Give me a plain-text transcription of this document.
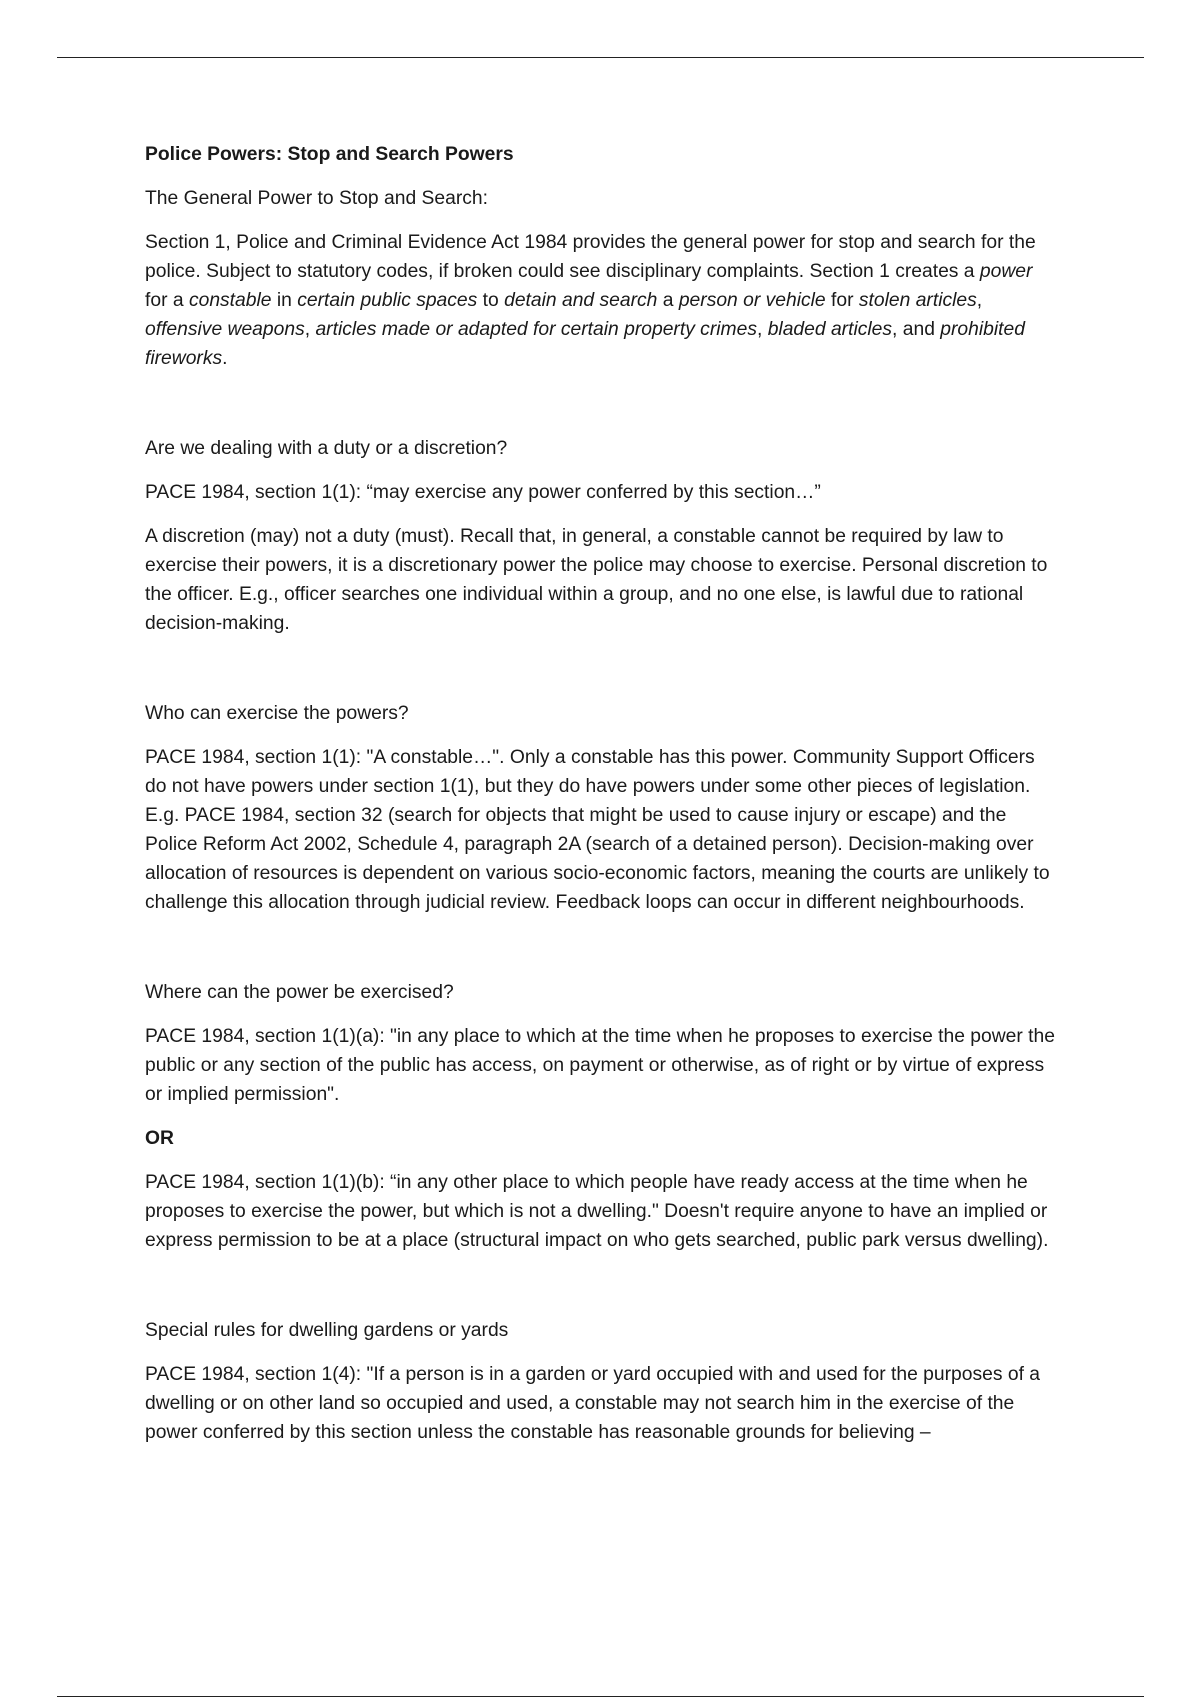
Police Powers: Stop and Search Powers

The General Power to Stop and Search:

Section 1, Police and Criminal Evidence Act 1984 provides the general power for stop and search for the police. Subject to statutory codes, if broken could see disciplinary complaints. Section 1 creates a power for a constable in certain public spaces to detain and search a person or vehicle for stolen articles, offensive weapons, articles made or adapted for certain property crimes, bladed articles, and prohibited fireworks.

Are we dealing with a duty or a discretion?

PACE 1984, section 1(1): “may exercise any power conferred by this section…”

A discretion (may) not a duty (must). Recall that, in general, a constable cannot be required by law to exercise their powers, it is a discretionary power the police may choose to exercise. Personal discretion to the officer. E.g., officer searches one individual within a group, and no one else, is lawful due to rational decision-making.

Who can exercise the powers?

PACE 1984, section 1(1): "A constable…". Only a constable has this power. Community Support Officers do not have powers under section 1(1), but they do have powers under some other pieces of legislation. E.g. PACE 1984, section 32 (search for objects that might be used to cause injury or escape) and the Police Reform Act 2002, Schedule 4, paragraph 2A (search of a detained person). Decision-making over allocation of resources is dependent on various socio-economic factors, meaning the courts are unlikely to challenge this allocation through judicial review. Feedback loops can occur in different neighbourhoods.

Where can the power be exercised?

PACE 1984, section 1(1)(a): "in any place to which at the time when he proposes to exercise the power the public or any section of the public has access, on payment or otherwise, as of right or by virtue of express or implied permission".

OR

PACE 1984, section 1(1)(b): “in any other place to which people have ready access at the time when he proposes to exercise the power, but which is not a dwelling." Doesn't require anyone to have an implied or express permission to be at a place (structural impact on who gets searched, public park versus dwelling).

Special rules for dwelling gardens or yards

PACE 1984, section 1(4): "If a person is in a garden or yard occupied with and used for the purposes of a dwelling or on other land so occupied and used, a constable may not search him in the exercise of the power conferred by this section unless the constable has reasonable grounds for believing –
